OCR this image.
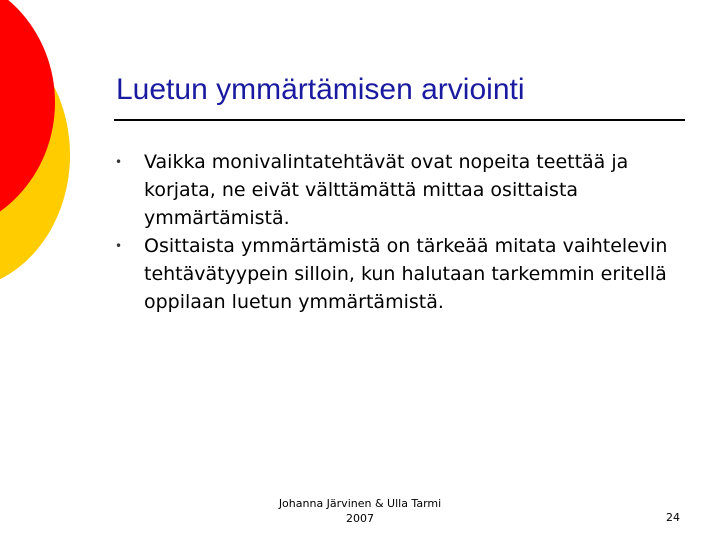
Luetun ymmärtämisen arviointi
• Vaikka monivalintatehtävät ovat nopeita teettää ja korjata, ne eivät välttämättä mittaa osittaista ymmärtämistä.
• Osittaista ymmärtämistä on tärkeää mitata vaihtelevin tehtävätyypein silloin, kun halutaan tarkemmin eritellä oppilaan luetun ymmärtämistä.
Johanna Järvinen & Ulla Tarmi
2007	24
